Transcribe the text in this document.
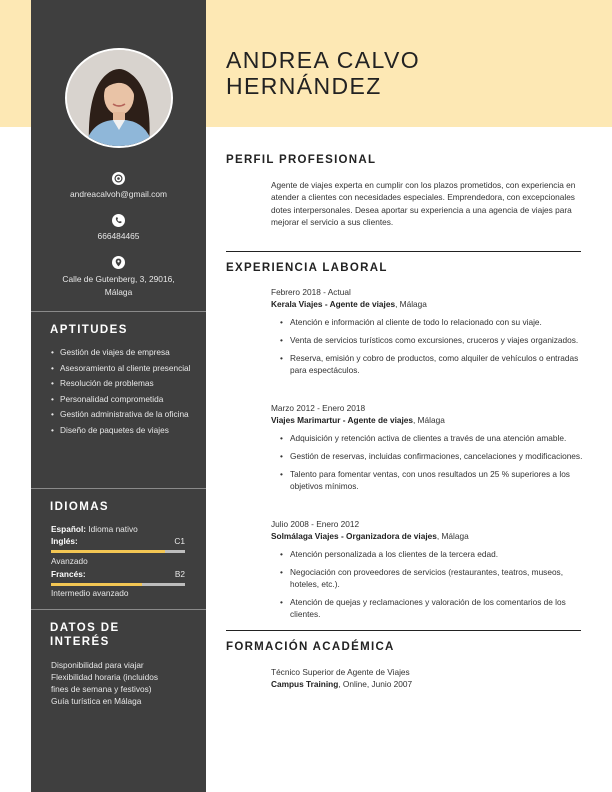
andreacalvoh@gmail.com
666484465
Calle de Gutenberg, 3, 29016,
Málaga
APTITUDES
• Gestión de viajes de empresa
• Asesoramiento al cliente presencial
• Resolución de problemas
• Personalidad comprometida
• Gestión administrativa de la oficina
• Diseño de paquetes de viajes
IDIOMAS
Español: Idioma nativo
Inglés:	C1
Avanzado
Francés:	B2
Intermedio avanzado
DATOS DE
INTERÉS
Disponibilidad para viajar
Flexibilidad horaria (incluidos
fines de semana y festivos)
Guía turística en Málaga
ANDREA CALVO
HERNÁNDEZ
PERFIL PROFESIONAL
Agente de viajes experta en cumplir con los plazos prometidos, con experiencia en atender a clientes con necesidades especiales. Emprendedora, con excepcionales dotes interpersonales. Desea aportar su experiencia a una agencia de viajes para mejorar el servicio a sus clientes.
EXPERIENCIA LABORAL
Febrero 2018 - Actual
Kerala Viajes - Agente de viajes, Málaga
• Atención e información al cliente de todo lo relacionado con su viaje.
• Venta de servicios turísticos como excursiones, cruceros y viajes organizados.
• Reserva, emisión y cobro de productos, como alquiler de vehículos o entradas para espectáculos.
Marzo 2012 - Enero 2018
Viajes Marimartur - Agente de viajes, Málaga
• Adquisición y retención activa de clientes a través de una atención amable.
• Gestión de reservas, incluidas confirmaciones, cancelaciones y modificaciones.
• Talento para fomentar ventas, con unos resultados un 25 % superiores a los objetivos mínimos.
Julio 2008 - Enero 2012
Solmálaga Viajes - Organizadora de viajes, Málaga
• Atención personalizada a los clientes de la tercera edad.
• Negociación con proveedores de servicios (restaurantes, teatros, museos, hoteles, etc.).
• Atención de quejas y reclamaciones y valoración de los comentarios de los clientes.
FORMACIÓN ACADÉMICA
Técnico Superior de Agente de Viajes
Campus Training, Online, Junio 2007
